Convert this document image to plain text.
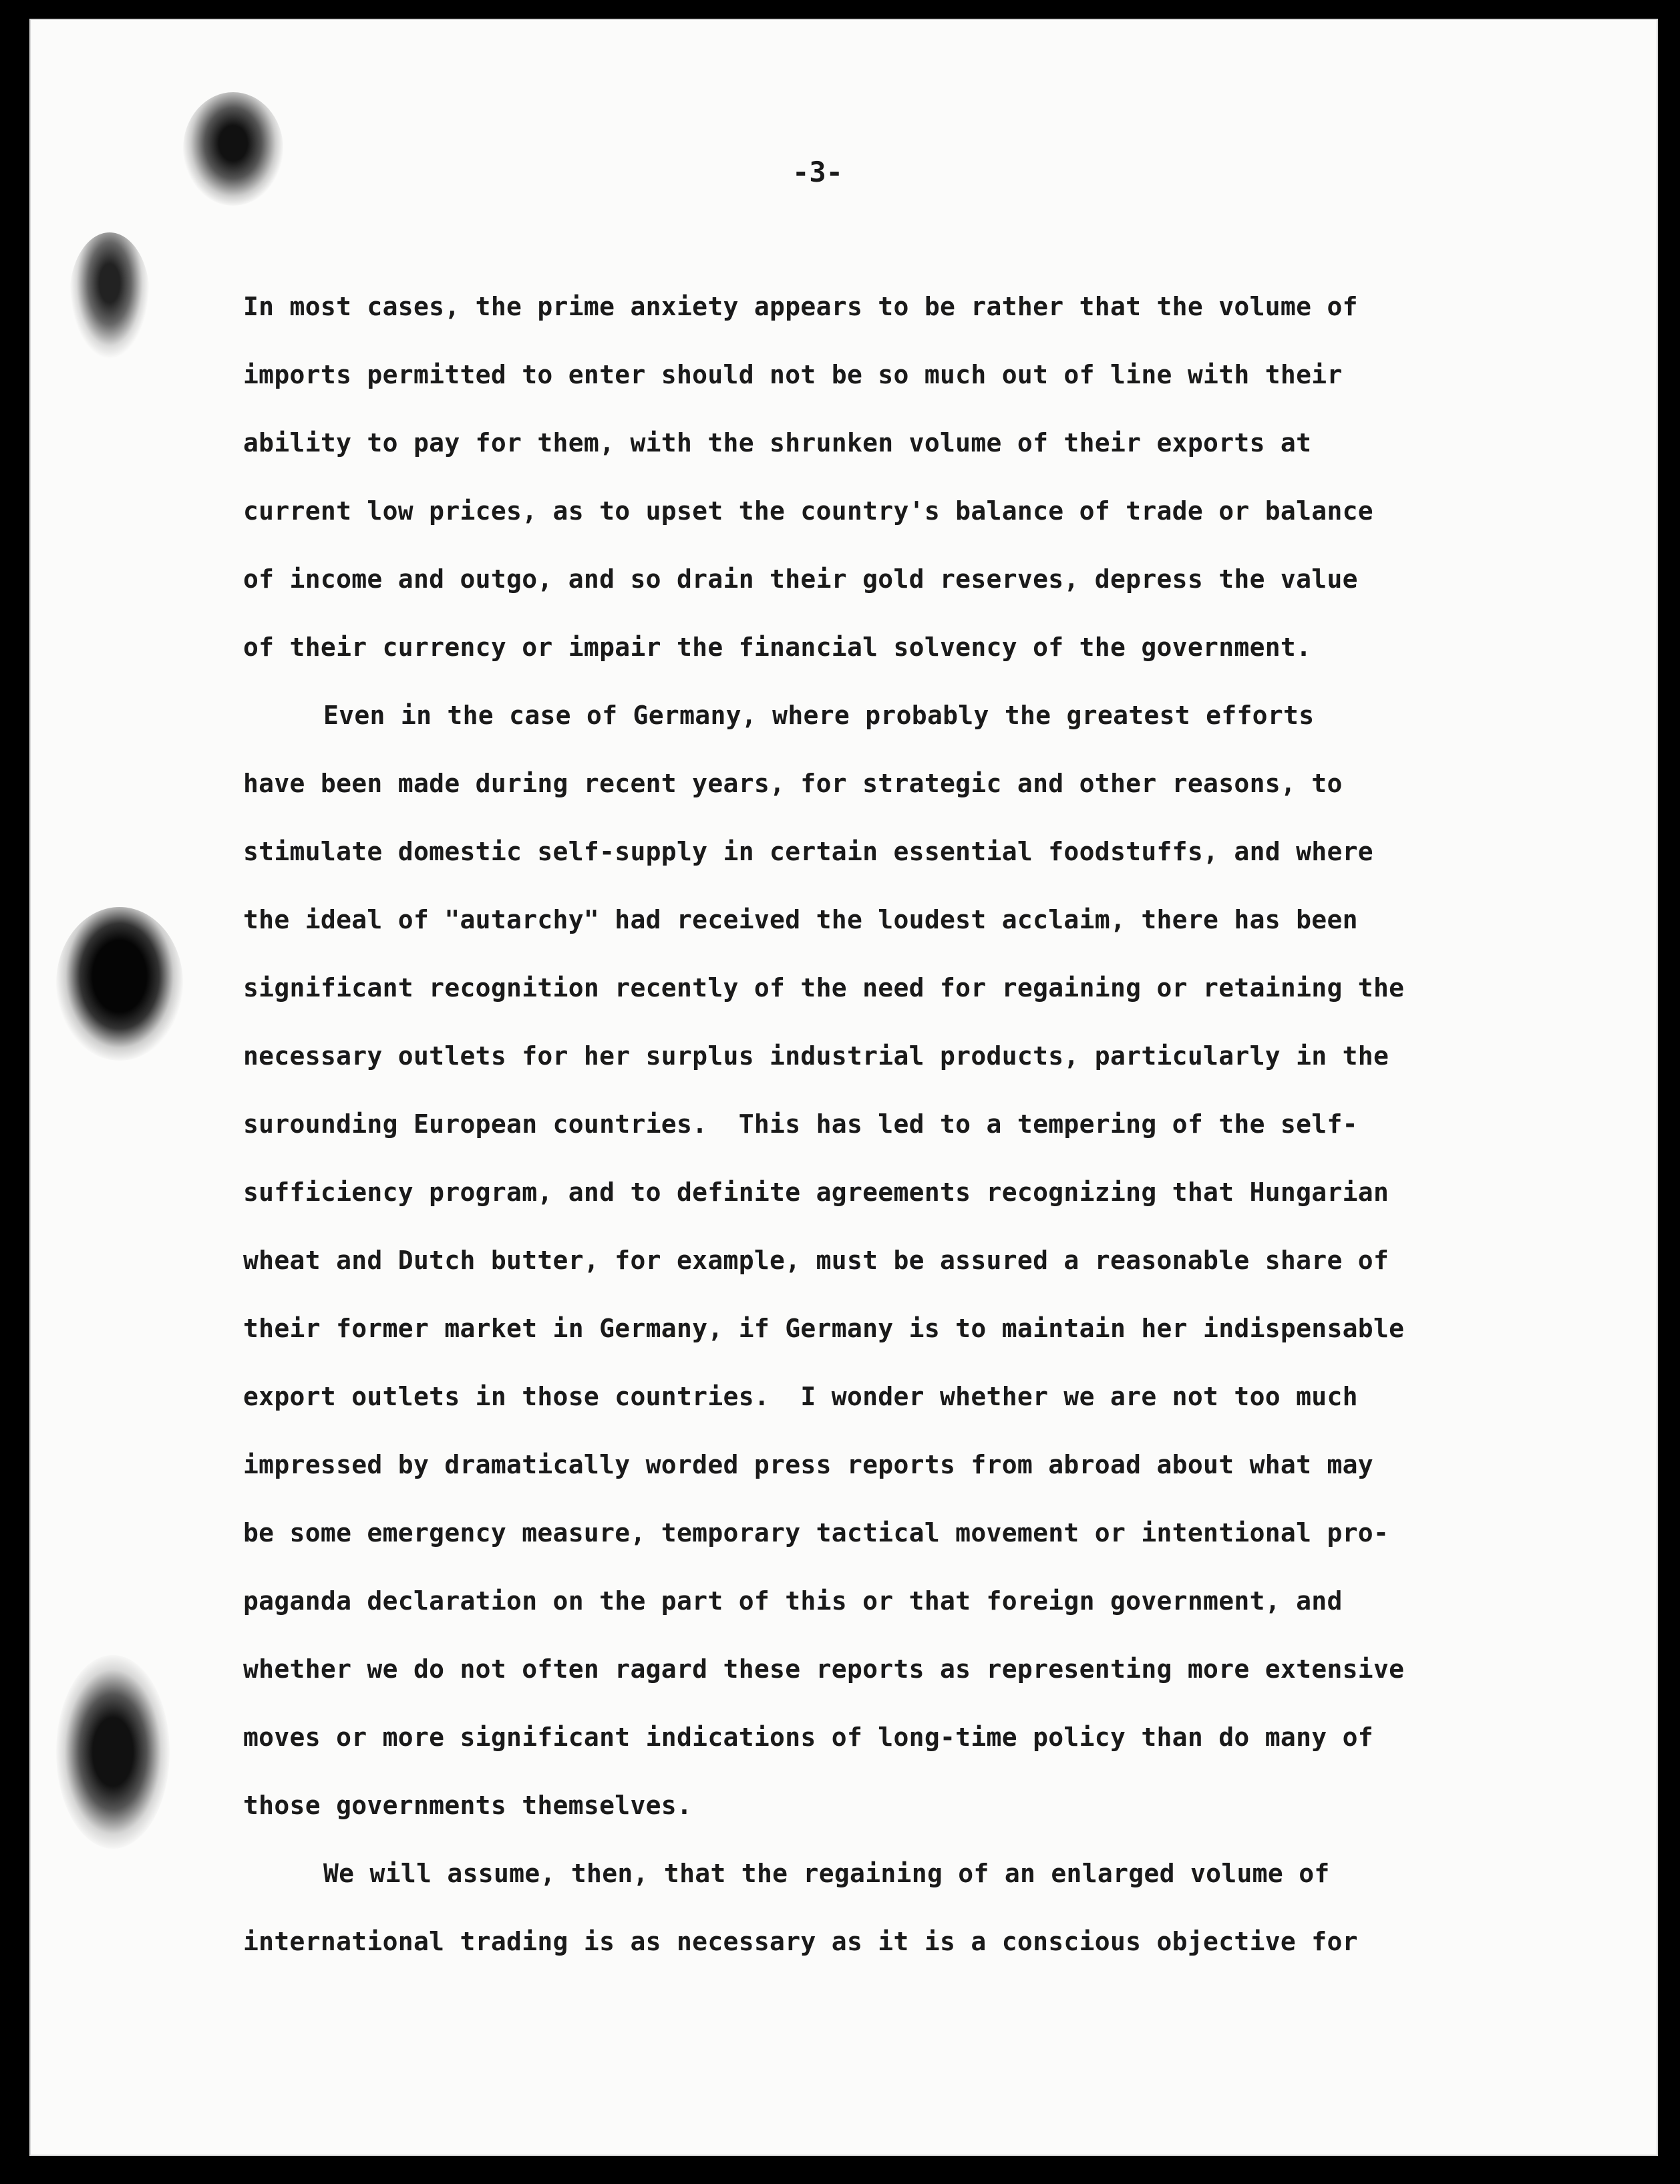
-3-

In most cases, the prime anxiety appears to be rather that the volume of

imports permitted to enter should not be so much out of line with their

ability to pay for them, with the shrunken volume of their exports at

current low prices, as to upset the country's balance of trade or balance

of income and outgo, and so drain their gold reserves, depress the value

of their currency or impair the financial solvency of the government.

Even in the case of Germany, where probably the greatest efforts

have been made during recent years, for strategic and other reasons, to

stimulate domestic self-supply in certain essential foodstuffs, and where

the ideal of "autarchy" had received the loudest acclaim, there has been

significant recognition recently of the need for regaining or retaining the

necessary outlets for her surplus industrial products, particularly in the

surounding European countries.  This has led to a tempering of the self-

sufficiency program, and to definite agreements recognizing that Hungarian

wheat and Dutch butter, for example, must be assured a reasonable share of

their former market in Germany, if Germany is to maintain her indispensable

export outlets in those countries.  I wonder whether we are not too much

impressed by dramatically worded press reports from abroad about what may

be some emergency measure, temporary tactical movement or intentional pro-

paganda declaration on the part of this or that foreign government, and

whether we do not often ragard these reports as representing more extensive

moves or more significant indications of long-time policy than do many of

those governments themselves.

We will assume, then, that the regaining of an enlarged volume of

international trading is as necessary as it is a conscious objective for
